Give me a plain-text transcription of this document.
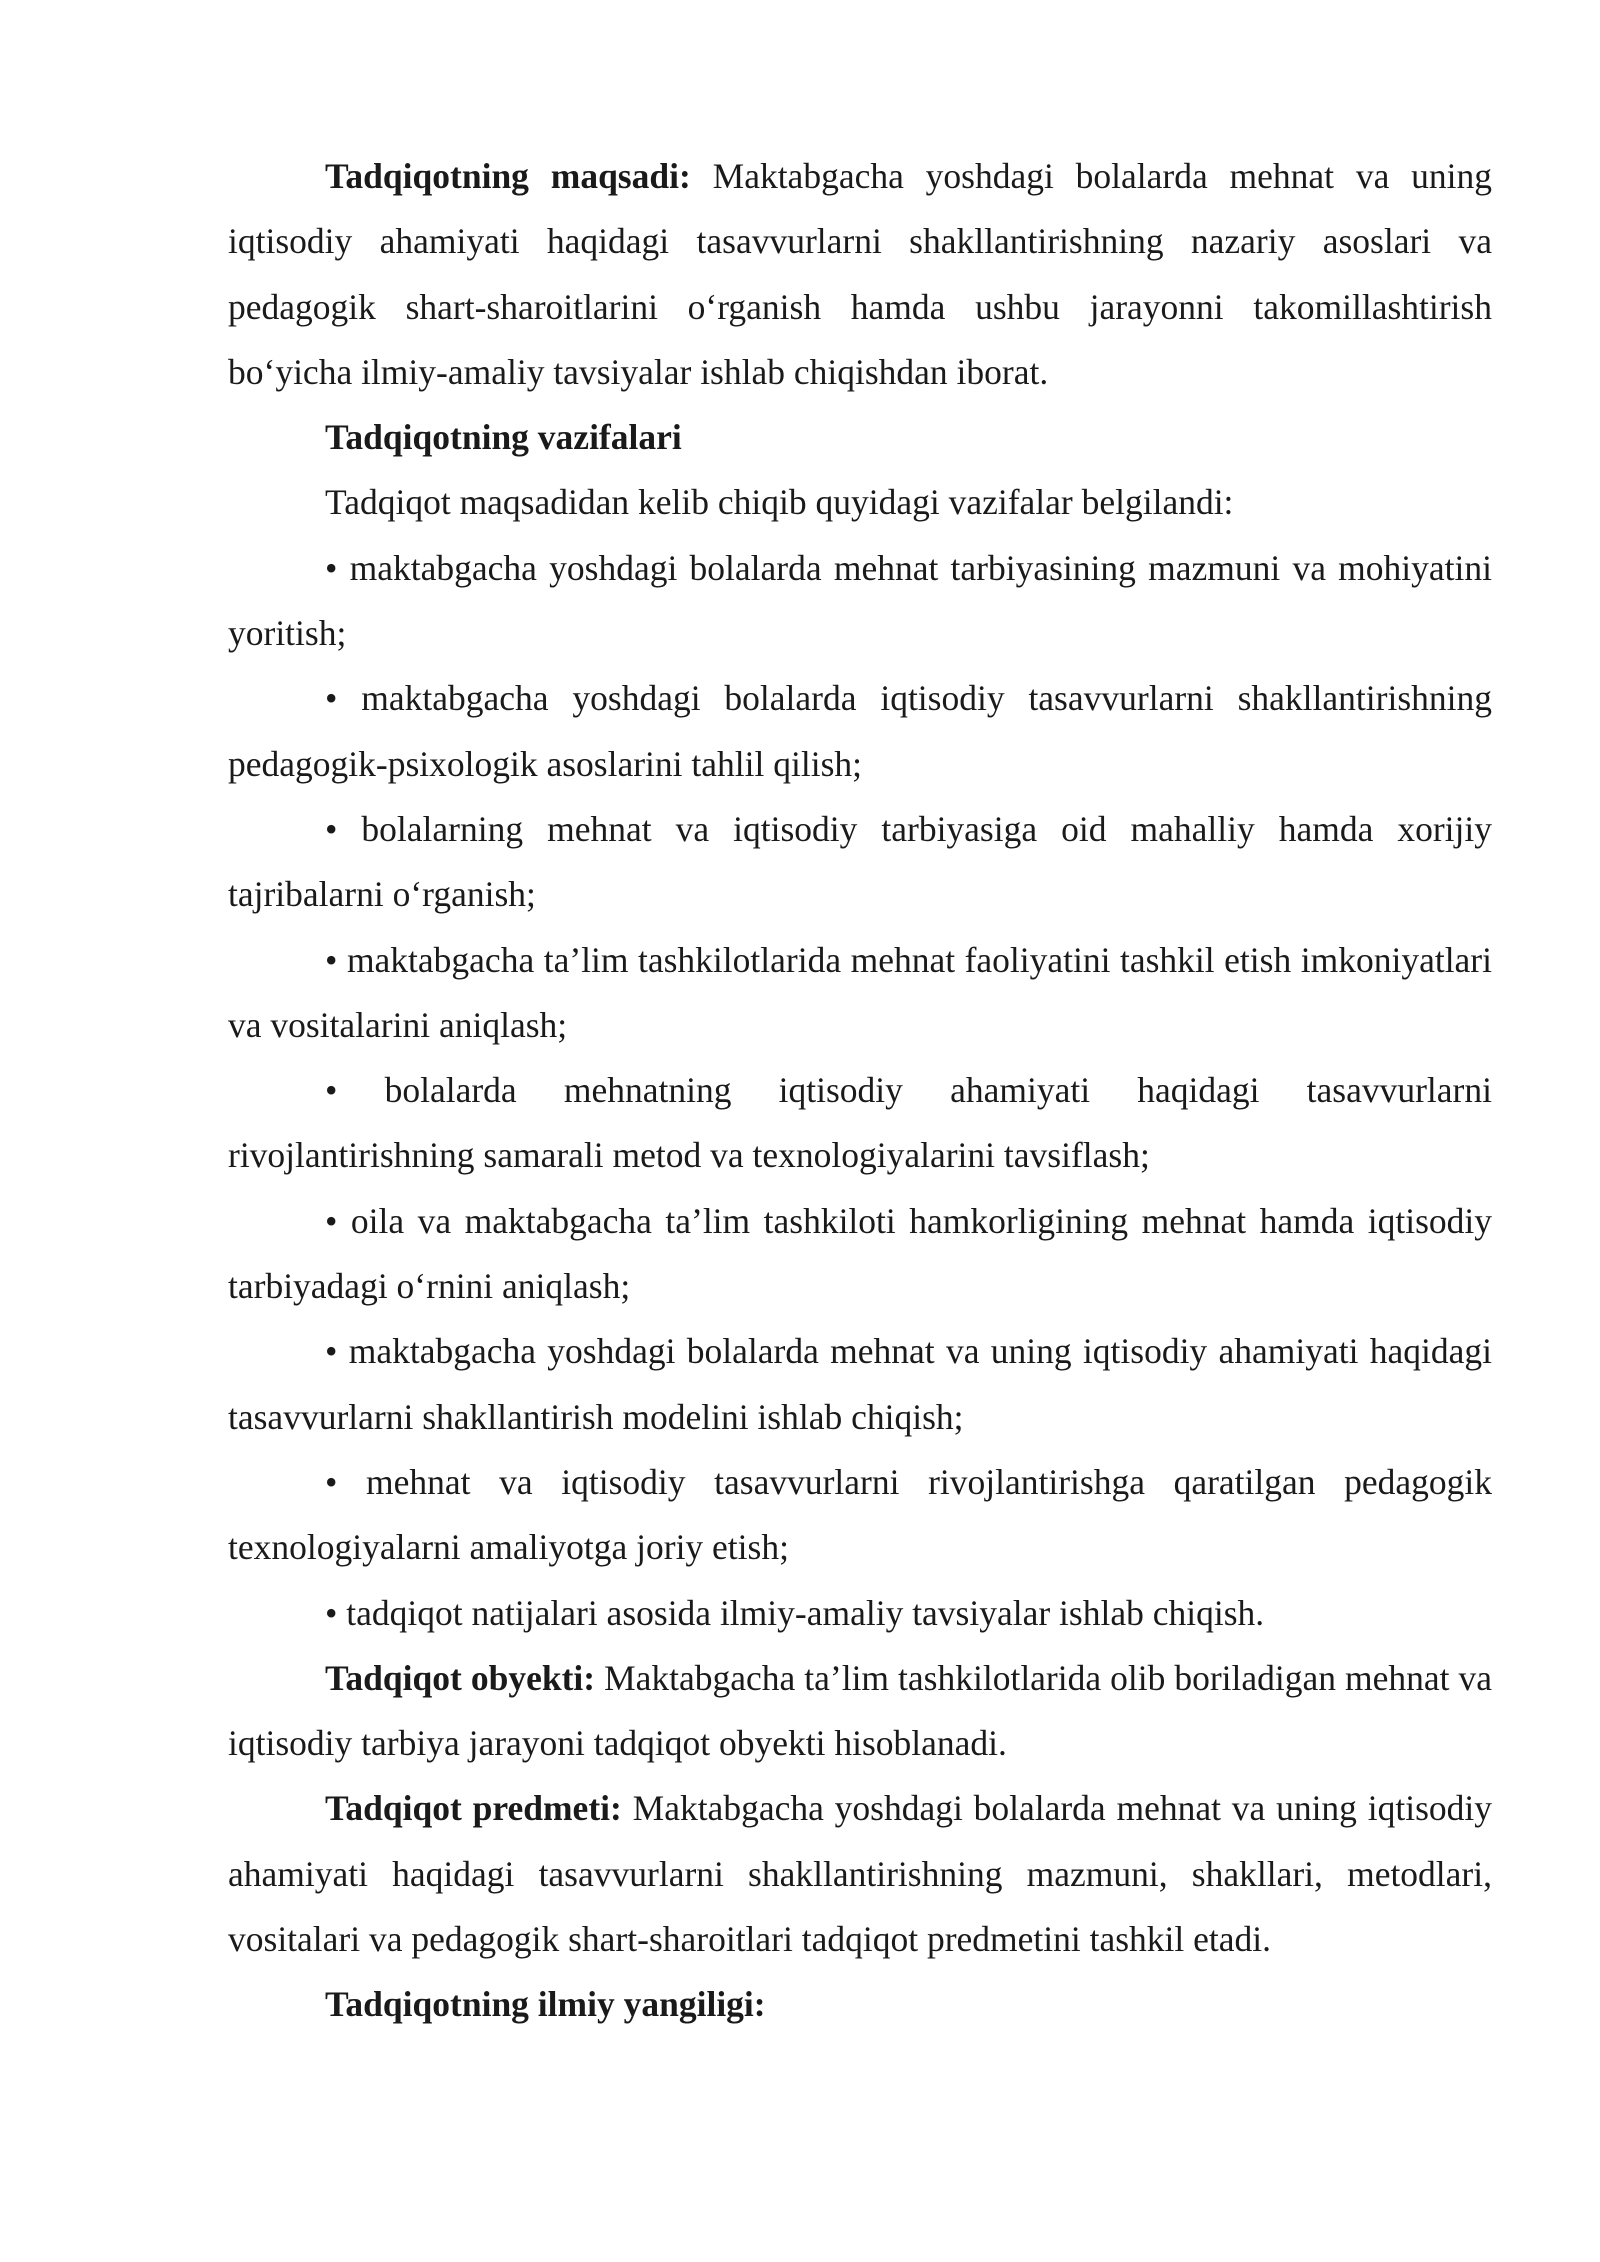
Tadqiqotning maqsadi: Maktabgacha yoshdagi bolalarda mehnat va uning iqtisodiy ahamiyati haqidagi tasavvurlarni shakllantirishning nazariy asoslari va pedagogik shart-sharoitlarini o‘rganish hamda ushbu jarayonni takomillashtirish bo‘yicha ilmiy-amaliy tavsiyalar ishlab chiqishdan iborat.

Tadqiqotning vazifalari

Tadqiqot maqsadidan kelib chiqib quyidagi vazifalar belgilandi:

• maktabgacha yoshdagi bolalarda mehnat tarbiyasining mazmuni va mohiyatini yoritish;

• maktabgacha yoshdagi bolalarda iqtisodiy tasavvurlarni shakllantirishning pedagogik-psixologik asoslarini tahlil qilish;

• bolalarning mehnat va iqtisodiy tarbiyasiga oid mahalliy hamda xorijiy tajribalarni o‘rganish;

• maktabgacha ta’lim tashkilotlarida mehnat faoliyatini tashkil etish imkoniyatlari va vositalarini aniqlash;

• bolalarda mehnatning iqtisodiy ahamiyati haqidagi tasavvurlarni rivojlantirishning samarali metod va texnologiyalarini tavsiflash;

• oila va maktabgacha ta’lim tashkiloti hamkorligining mehnat hamda iqtisodiy tarbiyadagi o‘rnini aniqlash;

• maktabgacha yoshdagi bolalarda mehnat va uning iqtisodiy ahamiyati haqidagi tasavvurlarni shakllantirish modelini ishlab chiqish;

• mehnat va iqtisodiy tasavvurlarni rivojlantirishga qaratilgan pedagogik texnologiyalarni amaliyotga joriy etish;

• tadqiqot natijalari asosida ilmiy-amaliy tavsiyalar ishlab chiqish.

Tadqiqot obyekti: Maktabgacha ta’lim tashkilotlarida olib boriladigan mehnat va iqtisodiy tarbiya jarayoni tadqiqot obyekti hisoblanadi.

Tadqiqot predmeti: Maktabgacha yoshdagi bolalarda mehnat va uning iqtisodiy ahamiyati haqidagi tasavvurlarni shakllantirishning mazmuni, shakllari, metodlari, vositalari va pedagogik shart-sharoitlari tadqiqot predmetini tashkil etadi.

Tadqiqotning ilmiy yangiligi:
